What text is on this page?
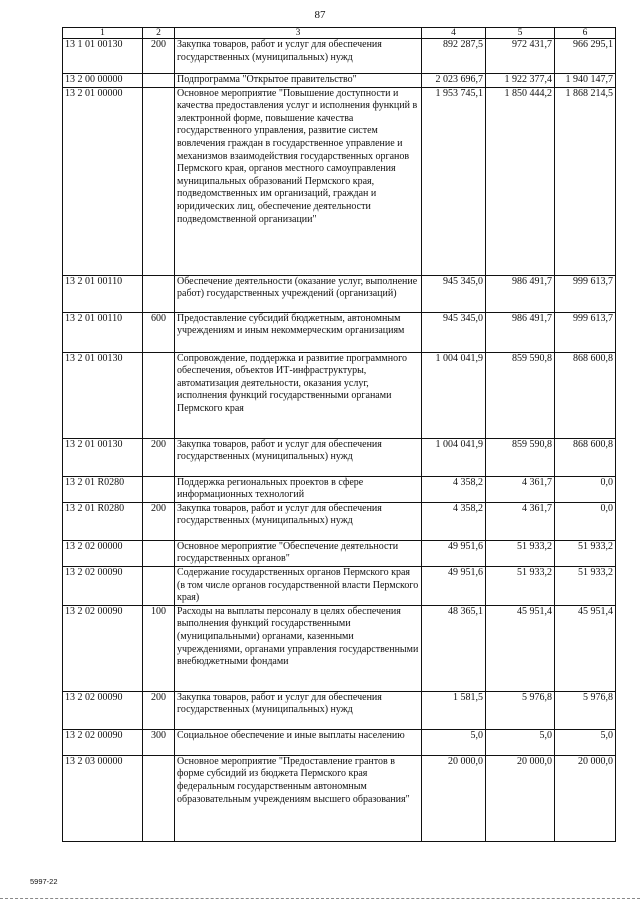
87
1	2	3	4	5	6
13 1 01 00130	200	Закупка товаров, работ и услуг для обеспечения государственных (муниципальных) нужд	892 287,5	972 431,7	966 295,1
13 2 00 00000		Подпрограмма "Открытое правительство"	2 023 696,7	1 922 377,4	1 940 147,7
13 2 01 00000		Основное мероприятие "Повышение доступности и качества предоставления услуг и исполнения функций в электронной форме, повышение качества государственного управления, развитие систем вовлечения граждан в государственное управление и механизмов взаимодействия государственных органов Пермского края, органов местного самоуправления муниципальных образований Пермского края, подведомственных им организаций, граждан и юридических лиц, обеспечение деятельности подведомственной организации"	1 953 745,1	1 850 444,2	1 868 214,5
13 2 01 00110		Обеспечение деятельности (оказание услуг, выполнение работ) государственных учреждений (организаций)	945 345,0	986 491,7	999 613,7
13 2 01 00110	600	Предоставление субсидий бюджетным, автономным учреждениям и иным некоммерческим организациям	945 345,0	986 491,7	999 613,7
13 2 01 00130		Сопровождение, поддержка и развитие программного обеспечения, объектов ИТ-инфраструктуры, автоматизация деятельности, оказания услуг, исполнения функций государственными органами Пермского края	1 004 041,9	859 590,8	868 600,8
13 2 01 00130	200	Закупка товаров, работ и услуг для обеспечения государственных (муниципальных) нужд	1 004 041,9	859 590,8	868 600,8
13 2 01 R0280		Поддержка региональных проектов в сфере информационных технологий	4 358,2	4 361,7	0,0
13 2 01 R0280	200	Закупка товаров, работ и услуг для обеспечения государственных (муниципальных) нужд	4 358,2	4 361,7	0,0
13 2 02 00000		Основное мероприятие "Обеспечение деятельности государственных органов"	49 951,6	51 933,2	51 933,2
13 2 02 00090		Содержание государственных органов Пермского края (в том числе органов государственной власти Пермского края)	49 951,6	51 933,2	51 933,2
13 2 02 00090	100	Расходы на выплаты персоналу в целях обеспечения выполнения функций государственными (муниципальными) органами, казенными учреждениями, органами управления государственными внебюджетными фондами	48 365,1	45 951,4	45 951,4
13 2 02 00090	200	Закупка товаров, работ и услуг для обеспечения государственных (муниципальных) нужд	1 581,5	5 976,8	5 976,8
13 2 02 00090	300	Социальное обеспечение и иные выплаты населению	5,0	5,0	5,0
13 2 03 00000		Основное мероприятие "Предоставление грантов в форме субсидий из бюджета Пермского края федеральным государственным автономным образовательным учреждениям высшего образования"	20 000,0	20 000,0	20 000,0
5997-22
